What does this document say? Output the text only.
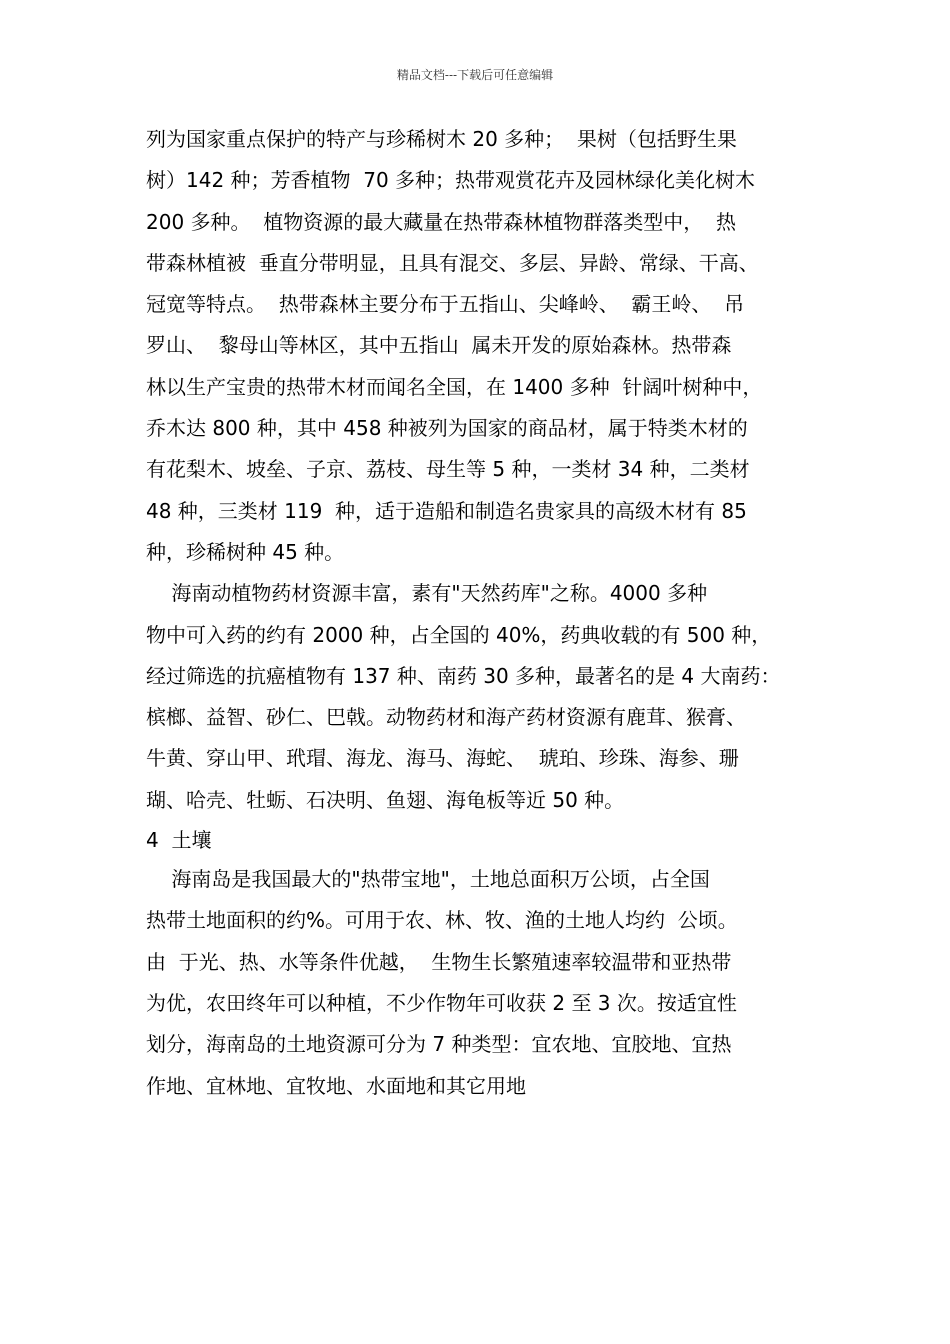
精品文档---下载后可任意编辑
列为国家重点保护的特产与珍稀树木 20 多种；  果树（包括野生果
树）142 种；芳香植物  70 多种；热带观赏花卉及园林绿化美化树木
200 多种。  植物资源的最大藏量在热带森林植物群落类型中，  热
带森林植被  垂直分带明显，且具有混交、多层、异龄、常绿、干高、
冠宽等特点。  热带森林主要分布于五指山、尖峰岭、  霸王岭、  吊
罗山、  黎母山等林区，其中五指山  属未开发的原始森林。热带森
林以生产宝贵的热带木材而闻名全国，在 1400 多种  针阔叶树种中，
乔木达 800 种，其中 458 种被列为国家的商品材，属于特类木材的
有花梨木、坡垒、子京、荔枝、母生等 5 种，一类材 34 种，二类材
48 种，三类材 119  种，适于造船和制造名贵家具的高级木材有 85
种，珍稀树种 45 种。
海南动植物药材资源丰富，素有"天然药库"之称。4000 多种
物中可入药的约有 2000 种，占全国的 40%，药典收载的有 500 种，
经过筛选的抗癌植物有 137 种、南药 30 多种，最著名的是 4 大南药：
槟榔、益智、砂仁、巴戟。动物药材和海产药材资源有鹿茸、猴膏、
牛黄、穿山甲、玳瑁、海龙、海马、海蛇、  琥珀、珍珠、海参、珊
瑚、哈壳、牡蛎、石决明、鱼翅、海龟板等近 50 种。
4  土壤
海南岛是我国最大的"热带宝地"，土地总面积万公顷，占全国
热带土地面积的约%。可用于农、林、牧、渔的土地人均约  公顷。
由  于光、热、水等条件优越，  生物生长繁殖速率较温带和亚热带
为优，农田终年可以种植，不少作物年可收获 2 至 3 次。按适宜性
划分，海南岛的土地资源可分为 7 种类型：宜农地、宜胶地、宜热
作地、宜林地、宜牧地、水面地和其它用地
